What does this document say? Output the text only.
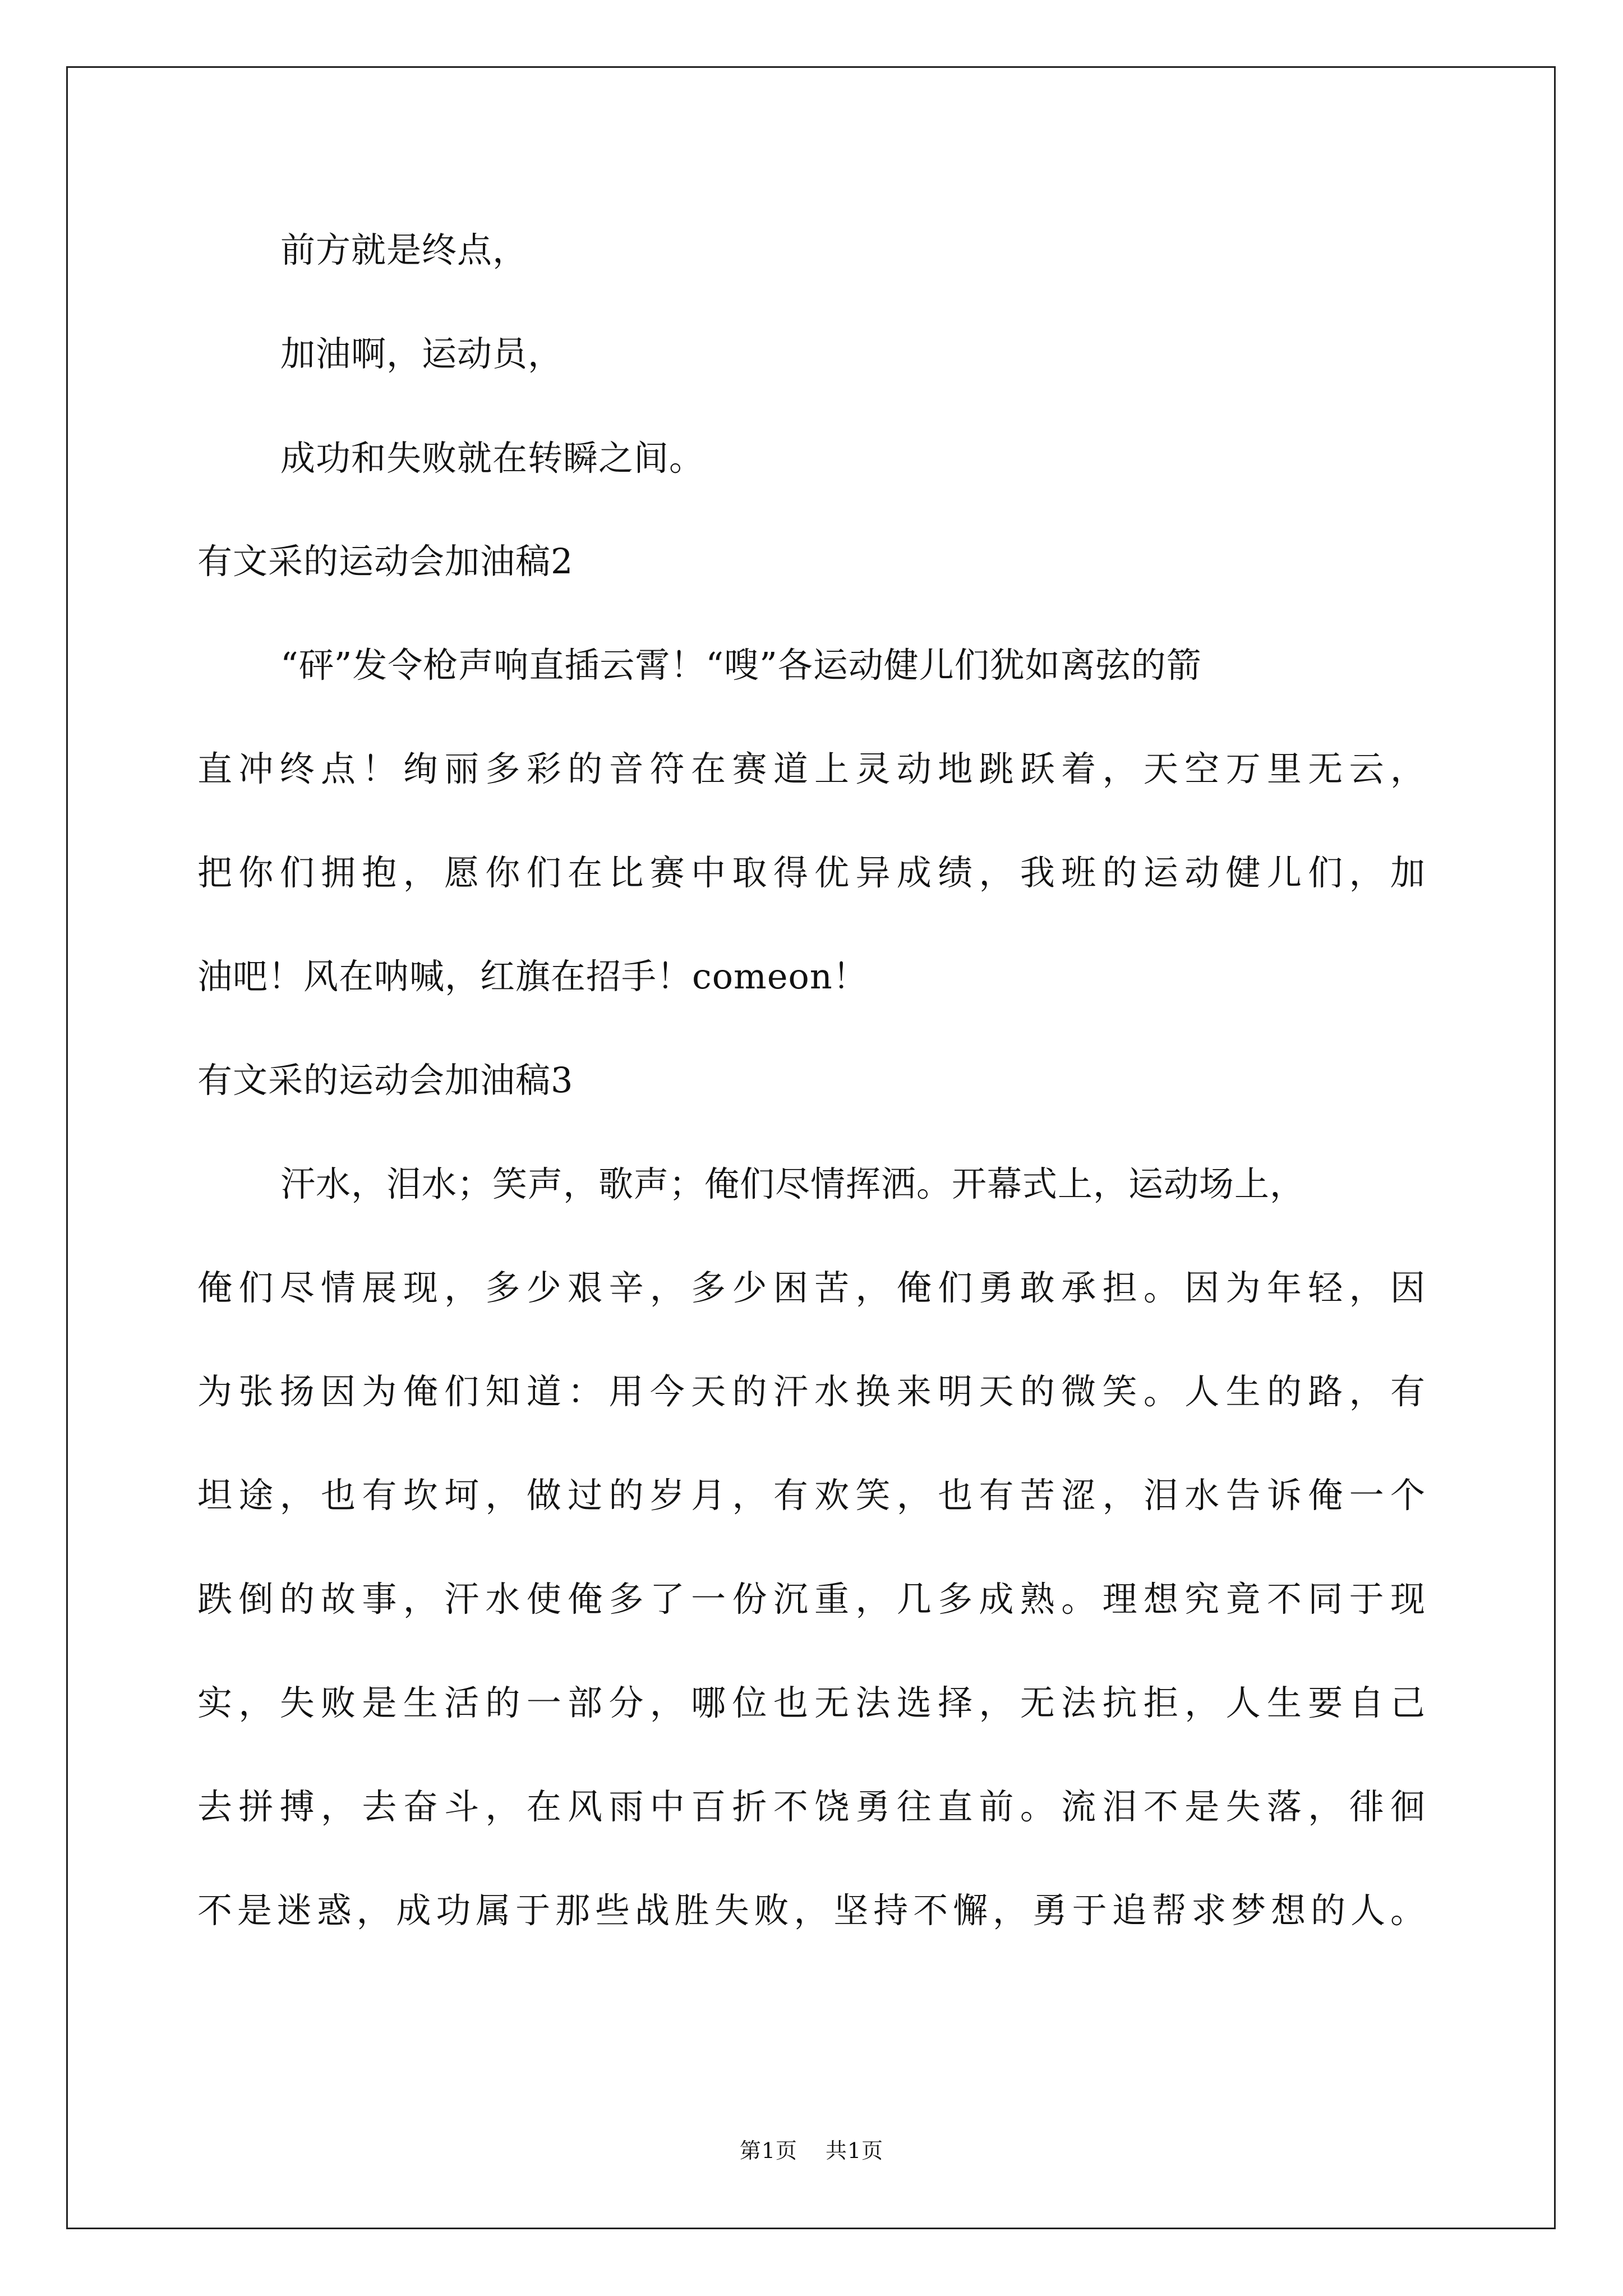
前方就是终点，
加油啊，运动员，
成功和失败就在转瞬之间。
有文采的运动会加油稿2
“砰”发令枪声响直插云霄！“嗖”各运动健儿们犹如离弦的箭
直冲终点！绚丽多彩的音符在赛道上灵动地跳跃着，天空万里无云，
把你们拥抱，愿你们在比赛中取得优异成绩，我班的运动健儿们，加
油吧！风在呐喊，红旗在招手！comeon！
有文采的运动会加油稿3
汗水，泪水；笑声，歌声；俺们尽情挥洒。开幕式上，运动场上，
俺们尽情展现，多少艰辛，多少困苦，俺们勇敢承担。因为年轻，因
为张扬因为俺们知道：用今天的汗水换来明天的微笑。人生的路，有
坦途，也有坎坷，做过的岁月，有欢笑，也有苦涩，泪水告诉俺一个
跌倒的故事，汗水使俺多了一份沉重，几多成熟。理想究竟不同于现
实，失败是生活的一部分，哪位也无法选择，无法抗拒，人生要自己
去拼搏，去奋斗，在风雨中百折不饶勇往直前。流泪不是失落，徘徊
不是迷惑，成功属于那些战胜失败，坚持不懈，勇于追帮求梦想的人。
第1页 共1页
